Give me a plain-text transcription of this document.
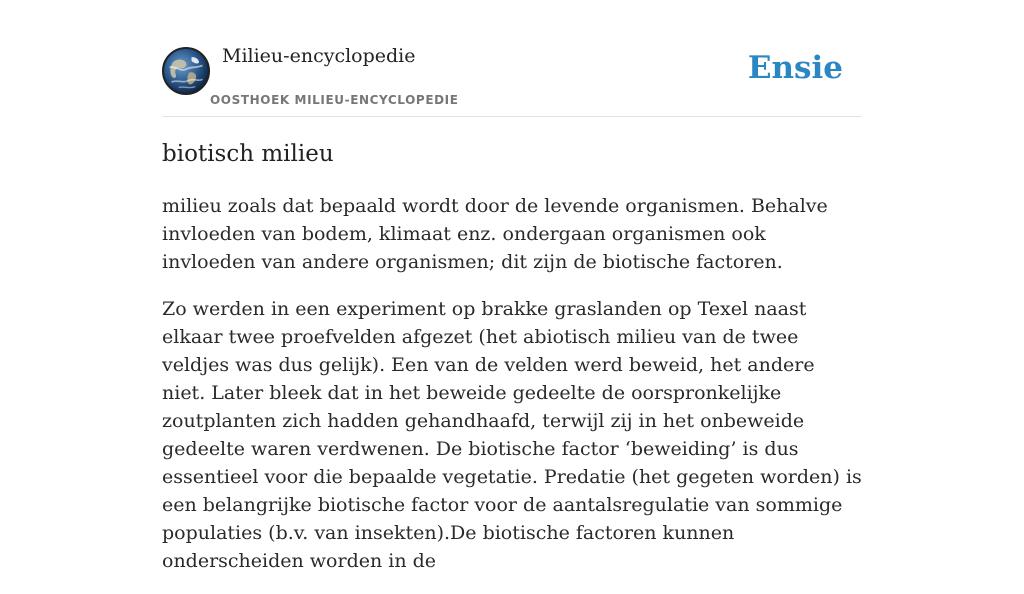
Milieu-encyclopedie
OOSTHOEK MILIEU-ENCYCLOPEDIE
Ensie
biotisch milieu

milieu zoals dat bepaald wordt door de levende organismen. Behalve invloeden van bodem, klimaat enz. ondergaan organismen ook invloeden van andere organismen; dit zijn de biotische factoren.

Zo werden in een experiment op brakke graslanden op Texel naast elkaar twee proefvelden afgezet (het abiotisch milieu van de twee veldjes was dus gelijk). Een van de velden werd beweid, het andere niet. Later bleek dat in het beweide gedeelte de oorspronkelijke zoutplanten zich hadden gehandhaafd, terwijl zij in het onbeweide gedeelte waren verdwenen. De biotische factor ‘beweiding’ is dus essentieel voor die bepaalde vegetatie. Predatie (het gegeten worden) is een belangrijke biotische factor voor de aantalsregulatie van sommige populaties (b.v. van insekten).De biotische factoren kunnen onderscheiden worden in de
